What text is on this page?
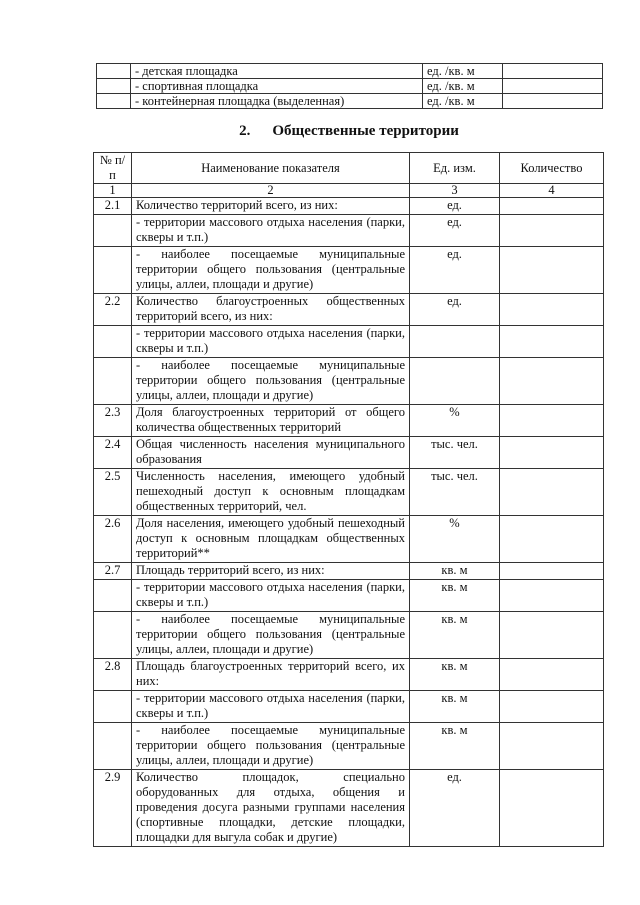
	- детская площадка	ед. /кв. м	
	- спортивная площадка	ед. /кв. м	
	- контейнерная площадка (выделенная)	ед. /кв. м	
2. Общественные территории
№ п/п	Наименование показателя	Ед. изм.	Количество
1	2	3	4
2.1	Количество территорий всего, из них:	ед.	
	- территории массового отдыха населения (парки, скверы и т.п.)	ед.	
	- наиболее посещаемые муниципальные территории общего пользования (центральные улицы, аллеи, площади и другие)	ед.	
2.2	Количество благоустроенных общественных территорий всего, из них:	ед.	
	- территории массового отдыха населения (парки, скверы и т.п.)		
	- наиболее посещаемые муниципальные территории общего пользования (центральные улицы, аллеи, площади и другие)		
2.3	Доля благоустроенных территорий от общего количества общественных территорий	%	
2.4	Общая численность населения муниципального образования	тыс. чел.	
2.5	Численность населения, имеющего удобный пешеходный доступ к основным площадкам общественных территорий, чел.	тыс. чел.	
2.6	Доля населения, имеющего удобный пешеходный доступ к основным площадкам общественных территорий**	%	
2.7	Площадь территорий всего, из них:	кв. м	
	- территории массового отдыха населения (парки, скверы и т.п.)	кв. м	
	- наиболее посещаемые муниципальные территории общего пользования (центральные улицы, аллеи, площади и другие)	кв. м	
2.8	Площадь благоустроенных территорий всего, их них:	кв. м	
	- территории массового отдыха населения (парки, скверы и т.п.)	кв. м	
	- наиболее посещаемые муниципальные территории общего пользования (центральные улицы, аллеи, площади и другие)	кв. м	
2.9	Количество площадок, специально оборудованных для отдыха, общения и проведения досуга разными группами населения (спортивные площадки, детские площадки, площадки для выгула собак и другие)	ед.	
